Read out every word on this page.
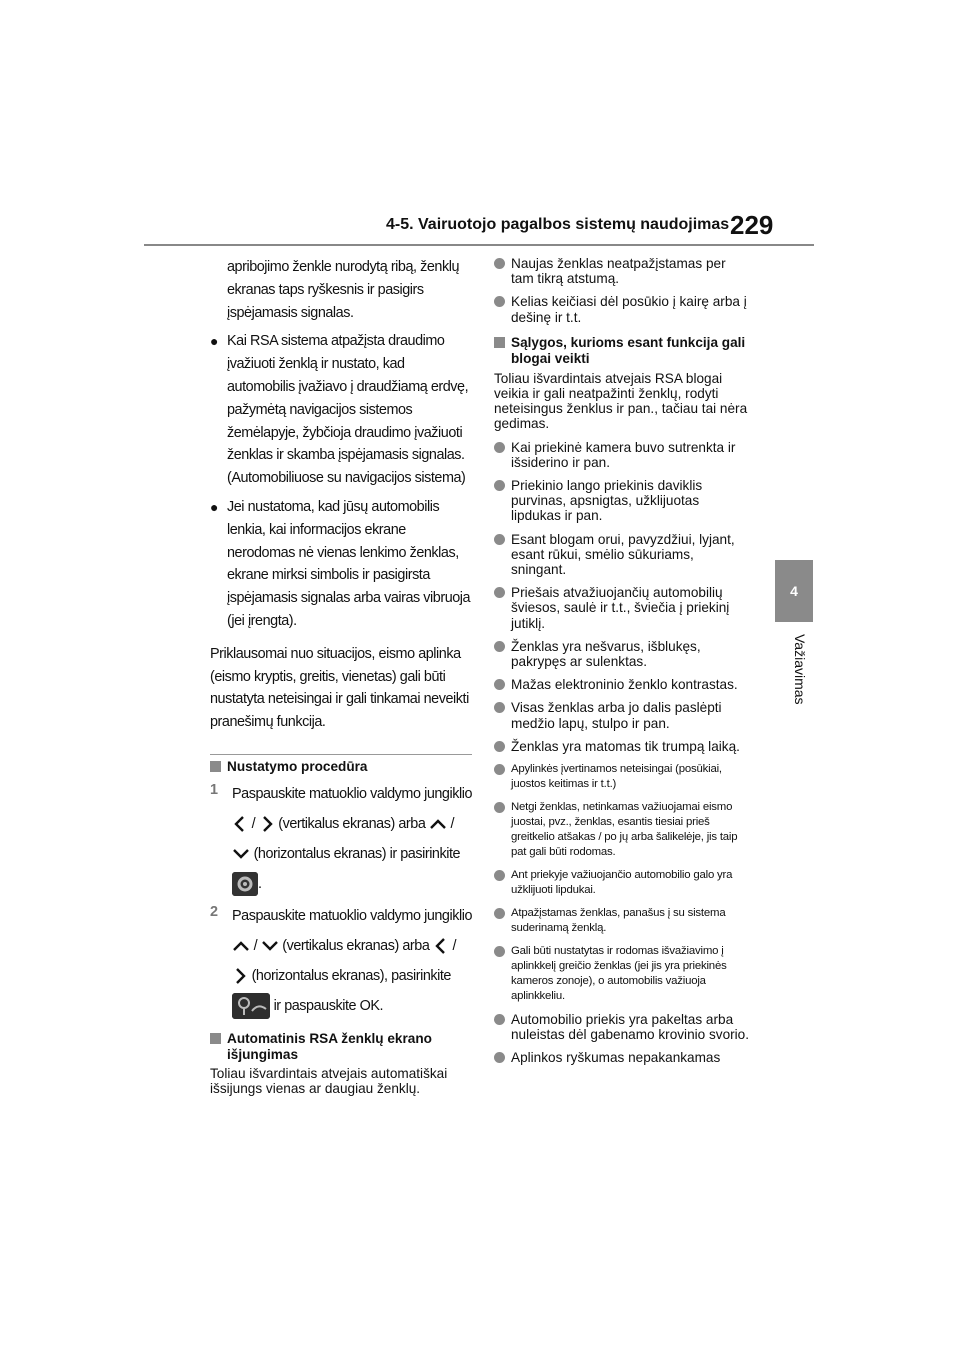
4-5. Vairuotojo pagalbos sistemų naudojimas 229
4
Važiavimas

apribojimo ženkle nurodytą ribą, ženklų ekranas taps ryškesnis ir pasigirs įspėjamasis signalas.

● Kai RSA sistema atpažįsta draudimo įvažiuoti ženklą ir nustato, kad automobilis įvažiavo į draudžiamą erdvę, pažymėtą navigacijos sistemos žemėlapyje, žybčioja draudimo įvažiuoti ženklas ir skamba įspėjamasis signalas. (Automobiliuose su navigacijos sistema)

● Jei nustatoma, kad jūsų automobilis lenkia, kai informacijos ekrane nerodomas nė vienas lenkimo ženklas, ekrane mirksi simbolis ir pasigirsta įspėjamasis signalas arba vairas vibruoja (jei įrengta).

Priklausomai nuo situacijos, eismo aplinka (eismo kryptis, greitis, vienetas) gali būti nustatyta neteisingai ir gali tinkamai neveikti pranešimų funkcija.

Nustatymo procedūra
1 Paspauskite matuoklio valdymo jungiklio  / (vertikalus ekranas) arba /  (horizontalus ekranas) ir pasirinkite .

2 Paspauskite matuoklio valdymo jungiklio  / (vertikalus ekranas) arba /  (horizontalus ekranas), pasirinkite  ir paspauskite OK.

Automatinis RSA ženklų ekrano išjungimas

Toliau išvardintais atvejais automatiškai išsijungs vienas ar daugiau ženklų.

Naujas ženklas neatpažįstamas per tam tikrą atstumą.
Kelias keičiasi dėl posūkio į kairę arba į dešinę ir t.t.
Sąlygos, kurioms esant funkcija gali blogai veikti

Toliau išvardintais atvejais RSA blogai veikia ir gali neatpažinti ženklų, rodyti neteisingus ženklus ir pan., tačiau tai nėra gedimas.

Kai priekinė kamera buvo sutrenkta ir išsiderino ir pan.
Priekinio lango priekinis daviklis purvinas, apsnigtas, užklijuotas lipdukas ir pan.
Esant blogam orui, pavyzdžiui, lyjant, esant rūkui, smėlio sūkuriams, sningant.
Priešais atvažiuojančių automobilių šviesos, saulė ir t.t., šviečia į priekinį jutiklį.
Ženklas yra nešvarus, išblukęs, pakrypęs ar sulenktas.
Mažas elektroninio ženklo kontrastas.
Visas ženklas arba jo dalis paslėpti medžio lapų, stulpo ir pan.
Ženklas yra matomas tik trumpą laiką.
Apylinkės įvertinamos neteisingai (posūkiai, juostos keitimas ir t.t.)
Netgi ženklas, netinkamas važiuojamai eismo juostai, pvz., ženklas, esantis tiesiai prieš greitkelio atšakas / po jų arba šalikelėje, jis taip pat gali būti rodomas.
Ant priekyje važiuojančio automobilio galo yra užklijuoti lipdukai.
Atpažįstamas ženklas, panašus į su sistema suderinamą ženklą.
Gali būti nustatytas ir rodomas išvažiavimo į aplinkkelį greičio ženklas (jei jis yra priekinės kameros zonoje), o automobilis važiuoja aplinkkeliu.
Automobilio priekis yra pakeltas arba nuleistas dėl gabenamo krovinio svorio.
Aplinkos ryškumas nepakankamas
